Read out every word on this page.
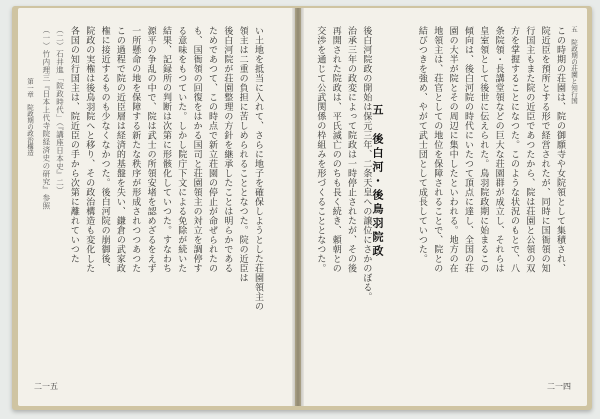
第一章　院政期の政治構造	い土地を抵当に入れて、さらに地子を確保しようとした荘園領主の
領主は二重の負担に苦しめられることとなつた。院の近臣は
後白河院が荘園整理の方針を継承したことは明らかである
ためであつて、この時点で新立荘園の停止が命ぜられたの
も、国衙領の回復をはかる国司と荘園領主の対立を調停す
る意味をもつていた。しかし院庁下文による免除が続いた
結果、記録所の判断は次第に形骸化していつた。すなわち
源平の争乱の中で、院は武士の所領安堵を認めざるをえず
一所懸命の地を保障する新たな秩序が形成されつつあつた
この過程で院の近臣層は経済的基盤を失い、鎌倉の武家政
権に接近するものも少なくなかつた。後白河院の崩御後、
院政の実権は後鳥羽院へと移り、その政治構造も変化した
各国の知行国主は、院近臣の手から次第に離れていつた
（二）石井進「院政時代」（『講座日本史』二）
（一）竹内理三『日本上代寺院経済史の研究』参照
二一五
五　院政期の荘園と知行国
この時期の荘園は、院の御願寺や女院領として集積され、
院近臣を預所とする形で経営されたが、同時に国衙領の知
行国主もまた院の近臣であつたから、院は荘園と公領の双
方を掌握することになつた。このような状況のもとで、八
条院領・長講堂領などの巨大な荘園群が成立し、それらは
皇室領として後世に伝えられた。鳥羽院政期に始まるこの
傾向は、後白河院の時代にいたつて頂点に達し、全国の荘
園の大半が院とその周辺に集中したといわれる。地方の在
地領主は、荘官としての地位を保障されることで、院との
結びつきを強め、やがて武士団として成長していつた。
五 後白河・後鳥羽院政
後白河院政の開始は保元三年、二条天皇への譲位にさかのぼる。
治承三年の政変によって院政は一時停止されたが、その後
再開された院政は、平氏滅亡ののちも長く続き、頼朝との
交渉を通じて公武関係の枠組みを形づくることとなつた。
二一四
